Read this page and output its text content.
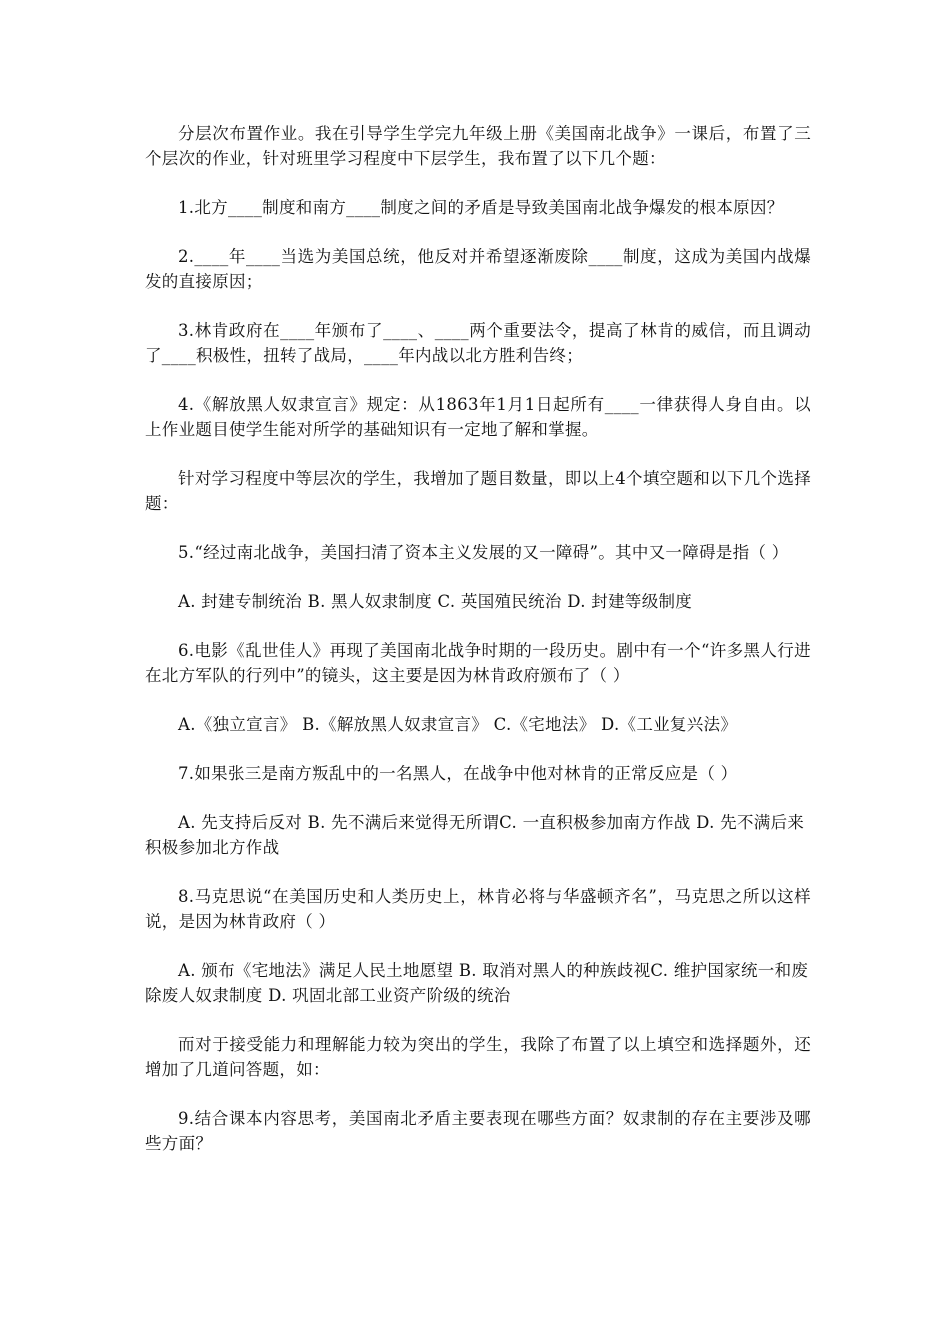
分层次布置作业。我在引导学生学完九年级上册《美国南北战争》一课后，布置了三个层次的作业，针对班里学习程度中下层学生，我布置了以下几个题：

1.北方____制度和南方____制度之间的矛盾是导致美国南北战争爆发的根本原因？

2.____年____当选为美国总统，他反对并希望逐渐废除____制度，这成为美国内战爆发的直接原因；

3.林肯政府在____年颁布了____、____两个重要法令，提高了林肯的威信，而且调动了____积极性，扭转了战局，____年内战以北方胜利告终；

4.《解放黑人奴隶宣言》规定：从1863年1月1日起所有____一律获得人身自由。以上作业题目使学生能对所学的基础知识有一定地了解和掌握。

针对学习程度中等层次的学生，我增加了题目数量，即以上4个填空题和以下几个选择题：

5.“经过南北战争，美国扫清了资本主义发展的又一障碍”。其中又一障碍是指（ ）

A. 封建专制统治 B. 黑人奴隶制度 C. 英国殖民统治 D. 封建等级制度

6.电影《乱世佳人》再现了美国南北战争时期的一段历史。剧中有一个“许多黑人行进在北方军队的行列中”的镜头，这主要是因为林肯政府颁布了（ ）

A.《独立宣言》 B.《解放黑人奴隶宣言》 C.《宅地法》 D.《工业复兴法》

7.如果张三是南方叛乱中的一名黑人，在战争中他对林肯的正常反应是（ ）

A. 先支持后反对 B. 先不满后来觉得无所谓C. 一直积极参加南方作战 D. 先不满后来积极参加北方作战

8.马克思说“在美国历史和人类历史上，林肯必将与华盛顿齐名”，马克思之所以这样说，是因为林肯政府（ ）

A. 颁布《宅地法》满足人民土地愿望 B. 取消对黑人的种族歧视C. 维护国家统一和废除废人奴隶制度 D. 巩固北部工业资产阶级的统治

而对于接受能力和理解能力较为突出的学生，我除了布置了以上填空和选择题外，还增加了几道问答题，如：

9.结合课本内容思考，美国南北矛盾主要表现在哪些方面？奴隶制的存在主要涉及哪些方面？
